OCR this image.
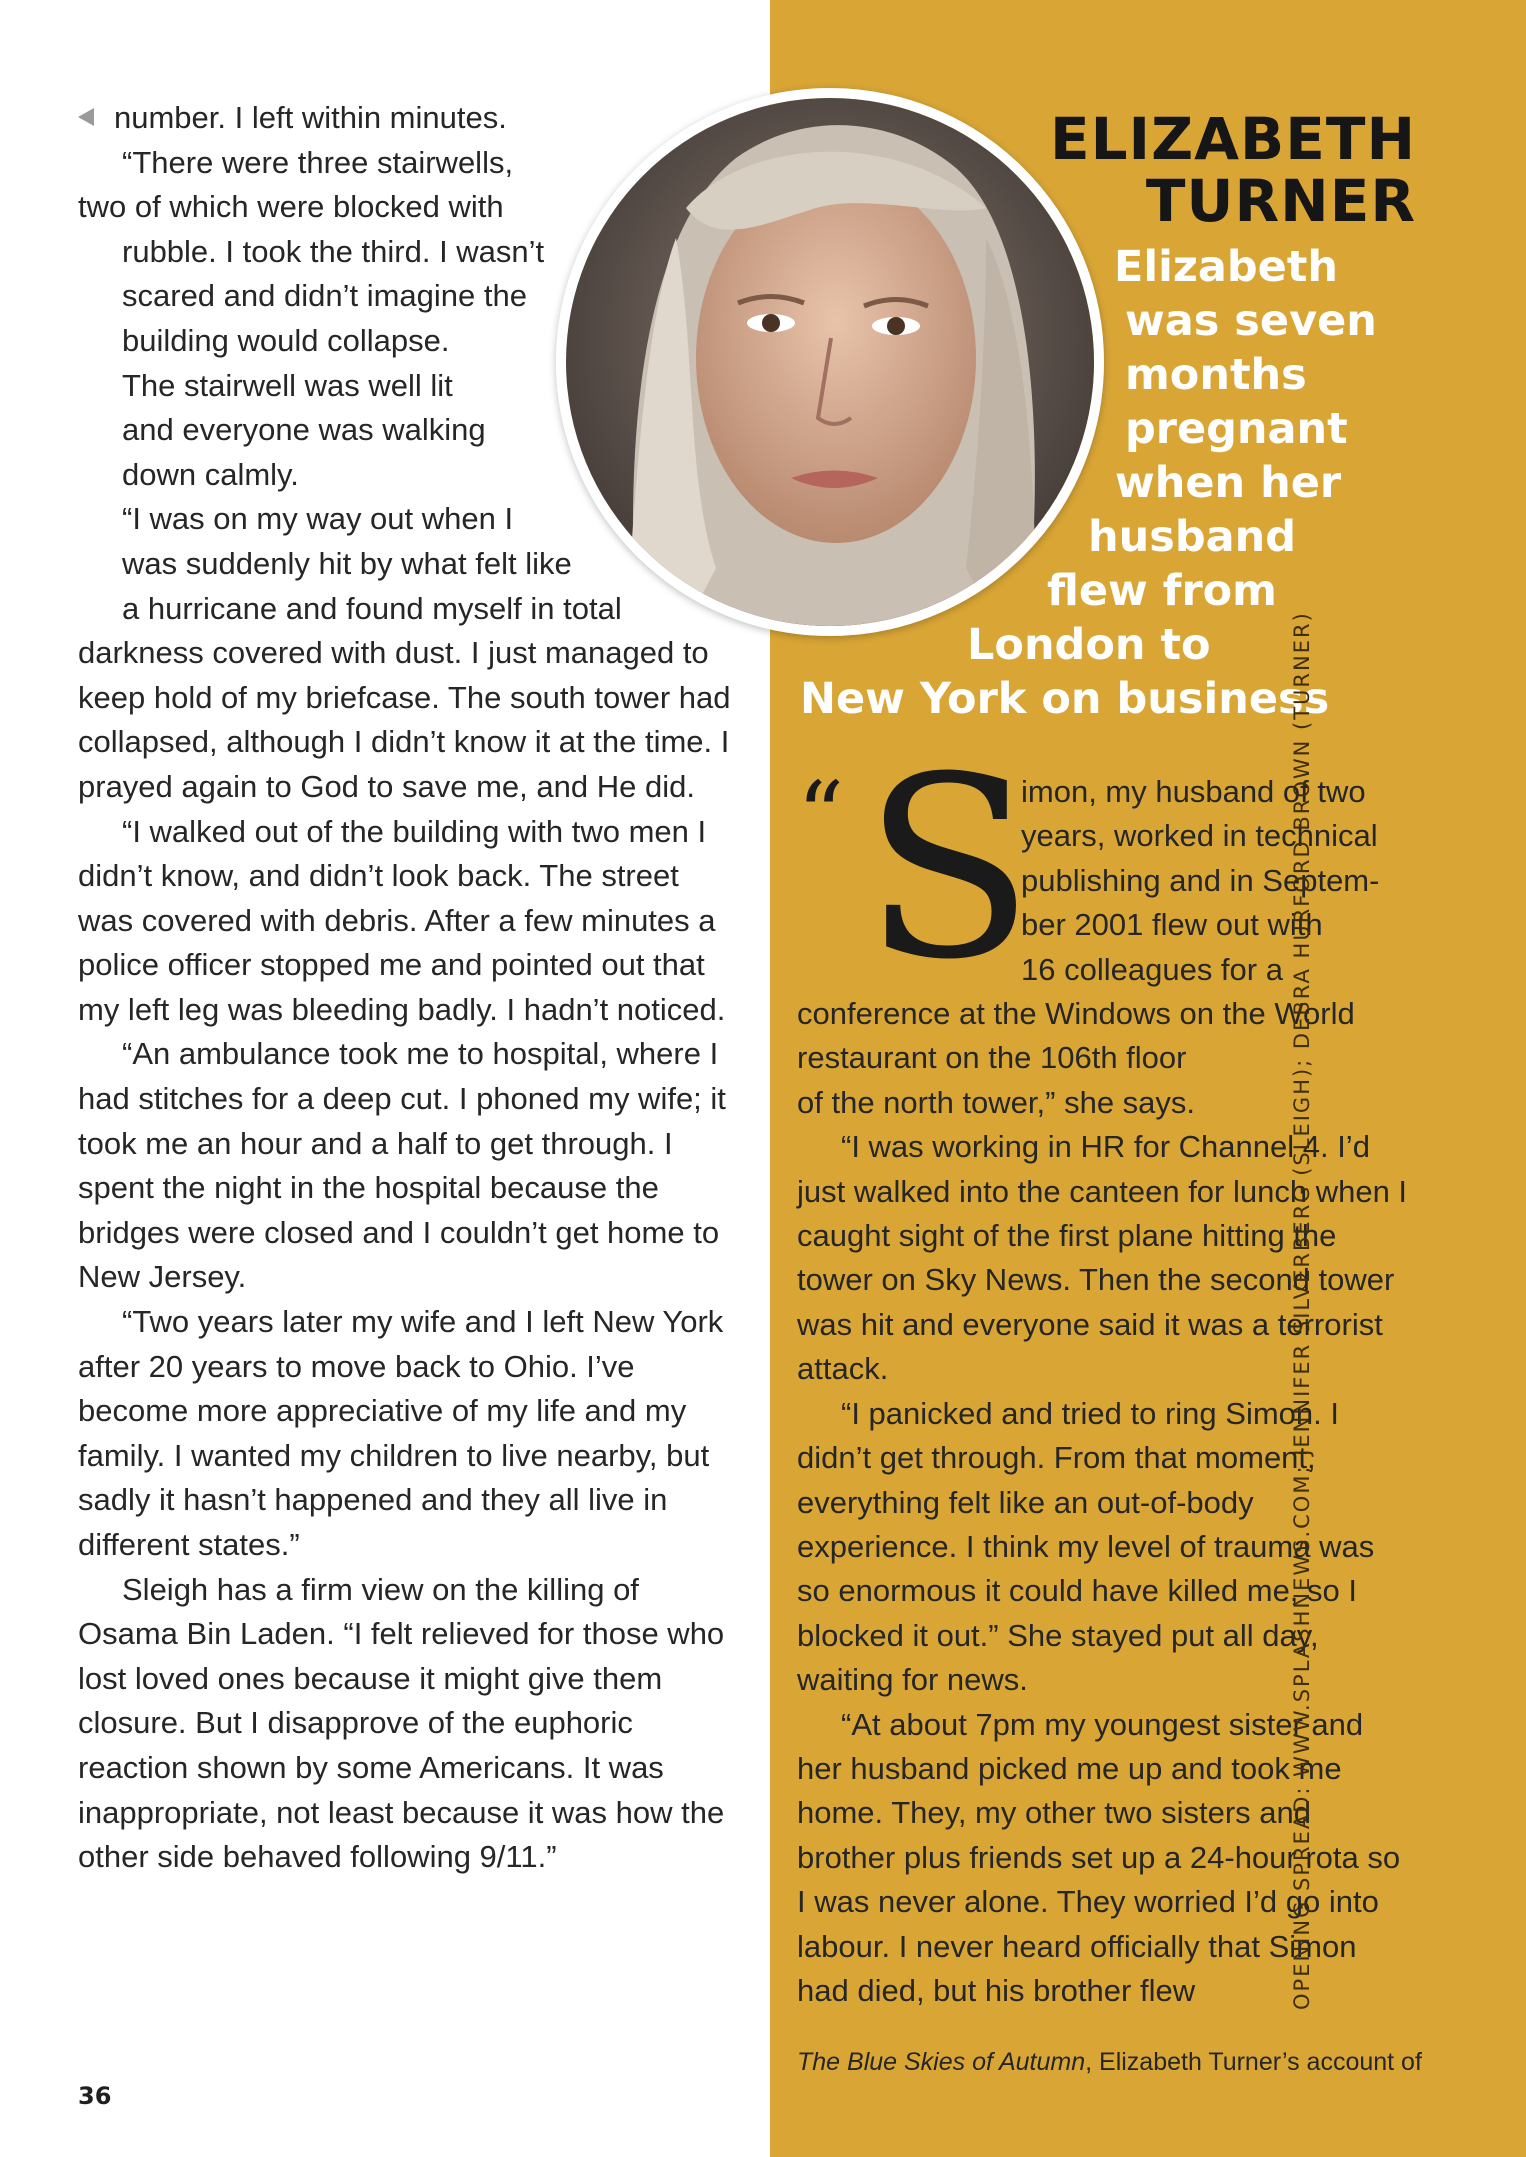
number. I left within minutes.

“There were three stairwells,
two of which were blocked with
rubble. I took the third. I wasn’t
scared and didn’t imagine the
building would collapse.
The stairwell was well lit
and everyone was walking
down calmly.

“I was on my way out when I
was suddenly hit by what felt like
a hurricane and found myself in total
darkness covered with dust. I just managed to keep hold of my briefcase. The south tower had collapsed, although I didn’t know it at the time. I prayed again to God to save me, and He did.

“I walked out of the building with two men I didn’t know, and didn’t look back. The street was covered with debris. After a few minutes a police officer stopped me and pointed out that my left leg was bleeding badly. I hadn’t noticed.

“An ambulance took me to hospital, where I had stitches for a deep cut. I phoned my wife; it took me an hour and a half to get through. I spent the night in the hospital because the bridges were closed and I couldn’t get home to New Jersey.

“Two years later my wife and I left New York after 20 years to move back to Ohio. I’ve become more appreciative of my life and my family. I wanted my children to live nearby, but sadly it hasn’t happened and they all live in different states.”

Sleigh has a firm view on the killing of Osama Bin Laden. “I felt relieved for those who lost loved ones because it might give them closure. But I disapprove of the euphoric reaction shown by some Americans. It was inappropriate, not least because it was how the other side behaved following 9/11.”

ELIZABETH
TURNER
Elizabeth
was seven
months
pregnant
when her
husband
flew from
London to
New York on business

“ S
imon, my husband of two
years, worked in technical
publishing and in Septem-
ber 2001 flew out with
16 colleagues for a
conference at the Windows on the World
restaurant on the 106th floor
of the north tower,” she says.

“I was working in HR for Channel 4. I’d just walked into the canteen for lunch when I caught sight of the first plane hitting the tower on Sky News. Then the second tower was hit and everyone said it was a terrorist attack.

“I panicked and tried to ring Simon. I didn’t get through. From that moment, everything felt like an out-of-body experience. I think my level of trauma was so enormous it could have killed me, so I blocked it out.” She stayed put all day, waiting for news.

“At about 7pm my youngest sister and her husband picked me up and took me home. They, my other two sisters and brother plus friends set up a 24-hour rota so I was never alone. They worried I’d go into labour. I never heard officially that Simon had died, but his brother flew	OPENING SPREAD: WWW.SPLASHNEWS.COM; JENNIFER SILVERBERG (SLEIGH); DEBRA HURFORD BROWN (TURNER)
The Blue Skies of Autumn, Elizabeth Turner’s account of
36
